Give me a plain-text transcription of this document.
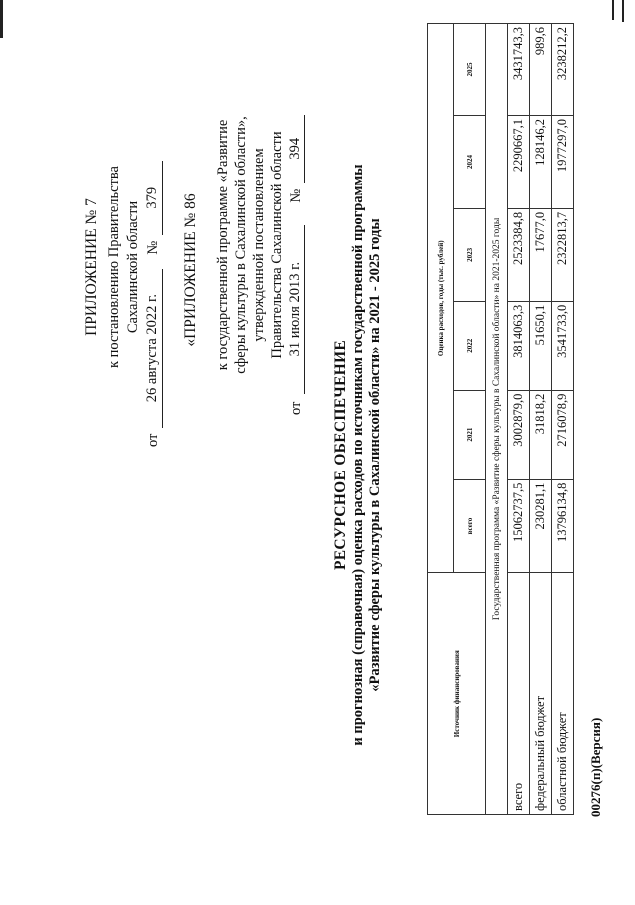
ПРИЛОЖЕНИЕ № 7 к постановлению Правительства Сахалинской области
от
26 августа 2022 г.
№
379 «ПРИЛОЖЕНИЕ № 86 к государственной программе «Развитие сферы культуры в Сахалинской области», утвержденной постановлением Правительства Сахалинской области
от
31 июля 2013 г.
№
394
РЕСУРСНОЕ ОБЕСПЕЧЕНИЕ и прогнозная (справочная) оценка расходов по источникам государственной программы «Развитие сферы культуры в Сахалинской области» на 2021 - 2025 годы
Источник финансирования	Оценка расходов, годы (тыс. рублей)					
	всего	2021	2022	2023	2024	2025
Государственная программа «Развитие сферы культуры в Сахалинской области» на 2021-2025 годы						
всего	15062737,5	3002879,0	3814063,3	2523384,8	2290667,1	3431743,3
федеральный бюджет	230281,1	31818,2	51650,1	17677,0	128146,2	989,6
областной бюджет	13796134,8	2716078,9	3541733,0	2322813,7	1977297,0	3238212,2
00276(п)(Версия)
